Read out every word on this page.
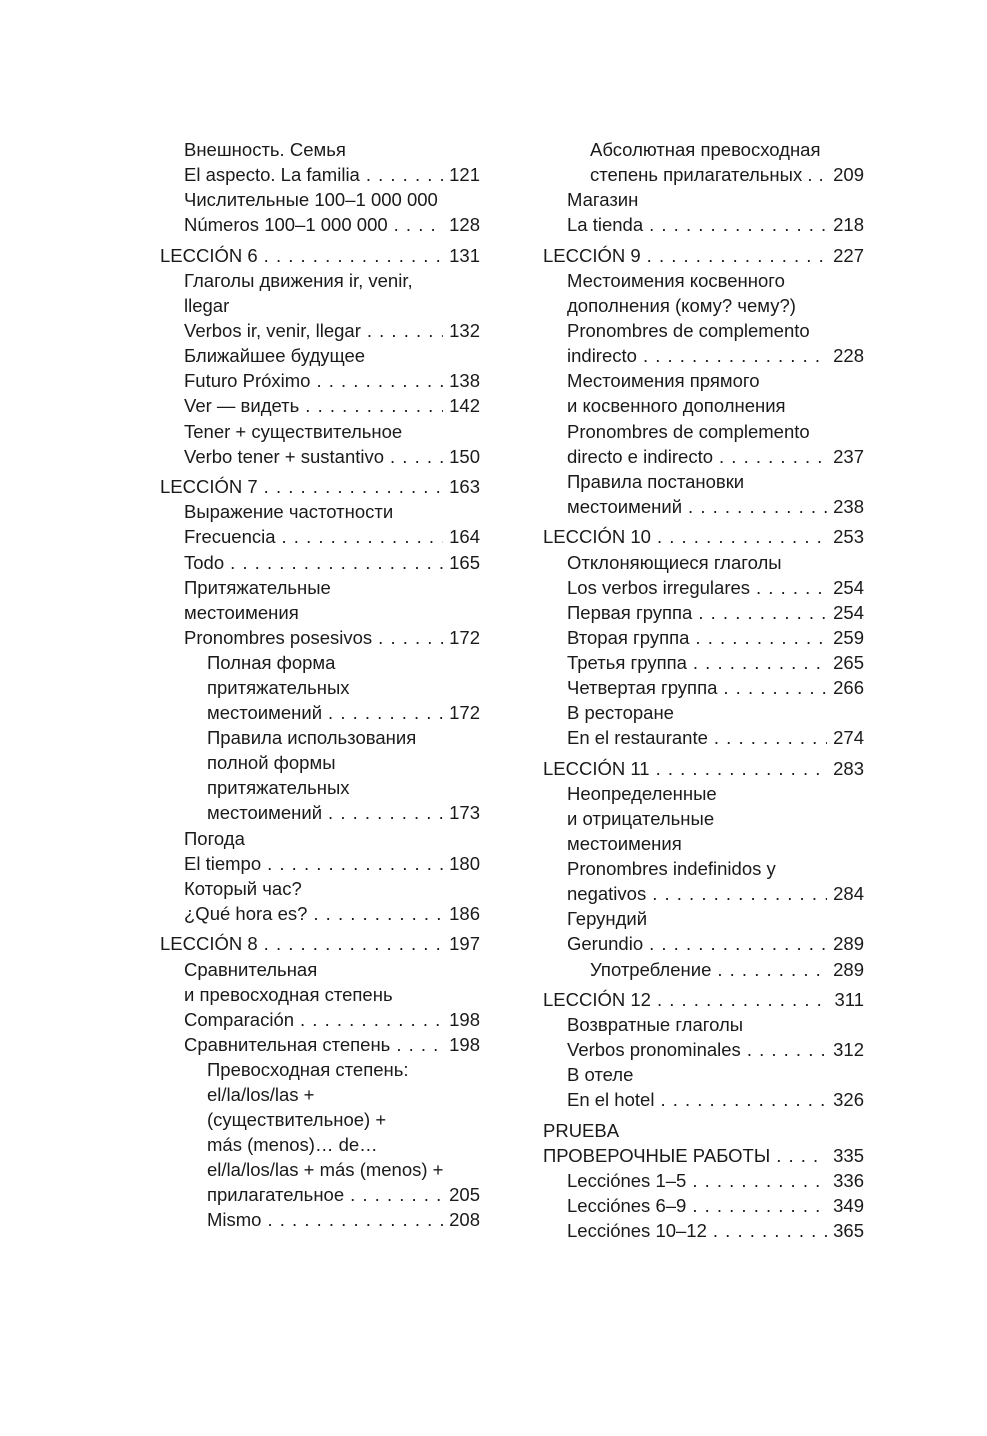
Внешность. Семья
El aspecto. La familia . . .	121
Числительные 100–1 000 000
Números 100–1 000 000 . . .	128
LECCIÓN 6 . . .	131
Глаголы движения ir, venir,
llegar
Verbos ir, venir, llegar . . .	132
Ближайшее будущее
Futuro Próximo . . .	138
Ver — видеть . . .	142
Tener + существительное
Verbo tener + sustantivo . . .	150
LECCIÓN 7 . . .	163
Выражение частотности
Frecuencia . . .	164
Todo . . .	165
Притяжательные
местоимения
Pronombres posesivos . . .	172
Полная форма
притяжательных
местоимений . . .	172
Правила использования
полной формы
притяжательных
местоимений . . .	173
Погода
El tiempo . . .	180
Который час?
¿Qué hora es? . . .	186
LECCIÓN 8 . . .	197
Сравнительная
и превосходная степень
Comparación . . .	198
Сравнительная степень . . .	198
Превосходная степень:
el/la/los/las +
(существительное) +
más (menos)… de…
el/la/los/las + más (menos) +
прилагательное . . .	205
Mismo . . .	208
Абсолютная превосходная
степень прилагательных . . . . 209
Магазин
La tienda . . .	218
LECCIÓN 9 . . .	227
Местоимения косвенного
дополнения (кому? чему?)
Pronombres de complemento
indirecto . . .	228
Местоимения прямого
и косвенного дополнения
Pronombres de complemento
directo e indirecto . . .	237
Правила постановки
местоимений . . .	238
LECCIÓN 10 . . .	253
Отклоняющиеся глаголы
Los verbos irregulares . . .	254
Первая группа . . .	254
Вторая группа . . .	259
Третья группа . . .	265
Четвертая группа . . .	266
В ресторане
En el restaurante . . .	274
LECCIÓN 11 . . .	283
Неопределенные
и отрицательные
местоимения
Pronombres indefinidos y
negativos . . .	284
Герундий
Gerundio . . .	289
Употребление . . .	289
LECCIÓN 12 . . .	311
Возвратные глаголы
Verbos pronominales . . .	312
В отеле
En el hotel . . .	326
PRUEBA
ПРОВЕРОЧНЫЕ РАБОТЫ . . .	335
Lecciónes 1–5 . . .	336
Lecciónes 6–9 . . .	349
Lecciónes 10–12 . . .	365
